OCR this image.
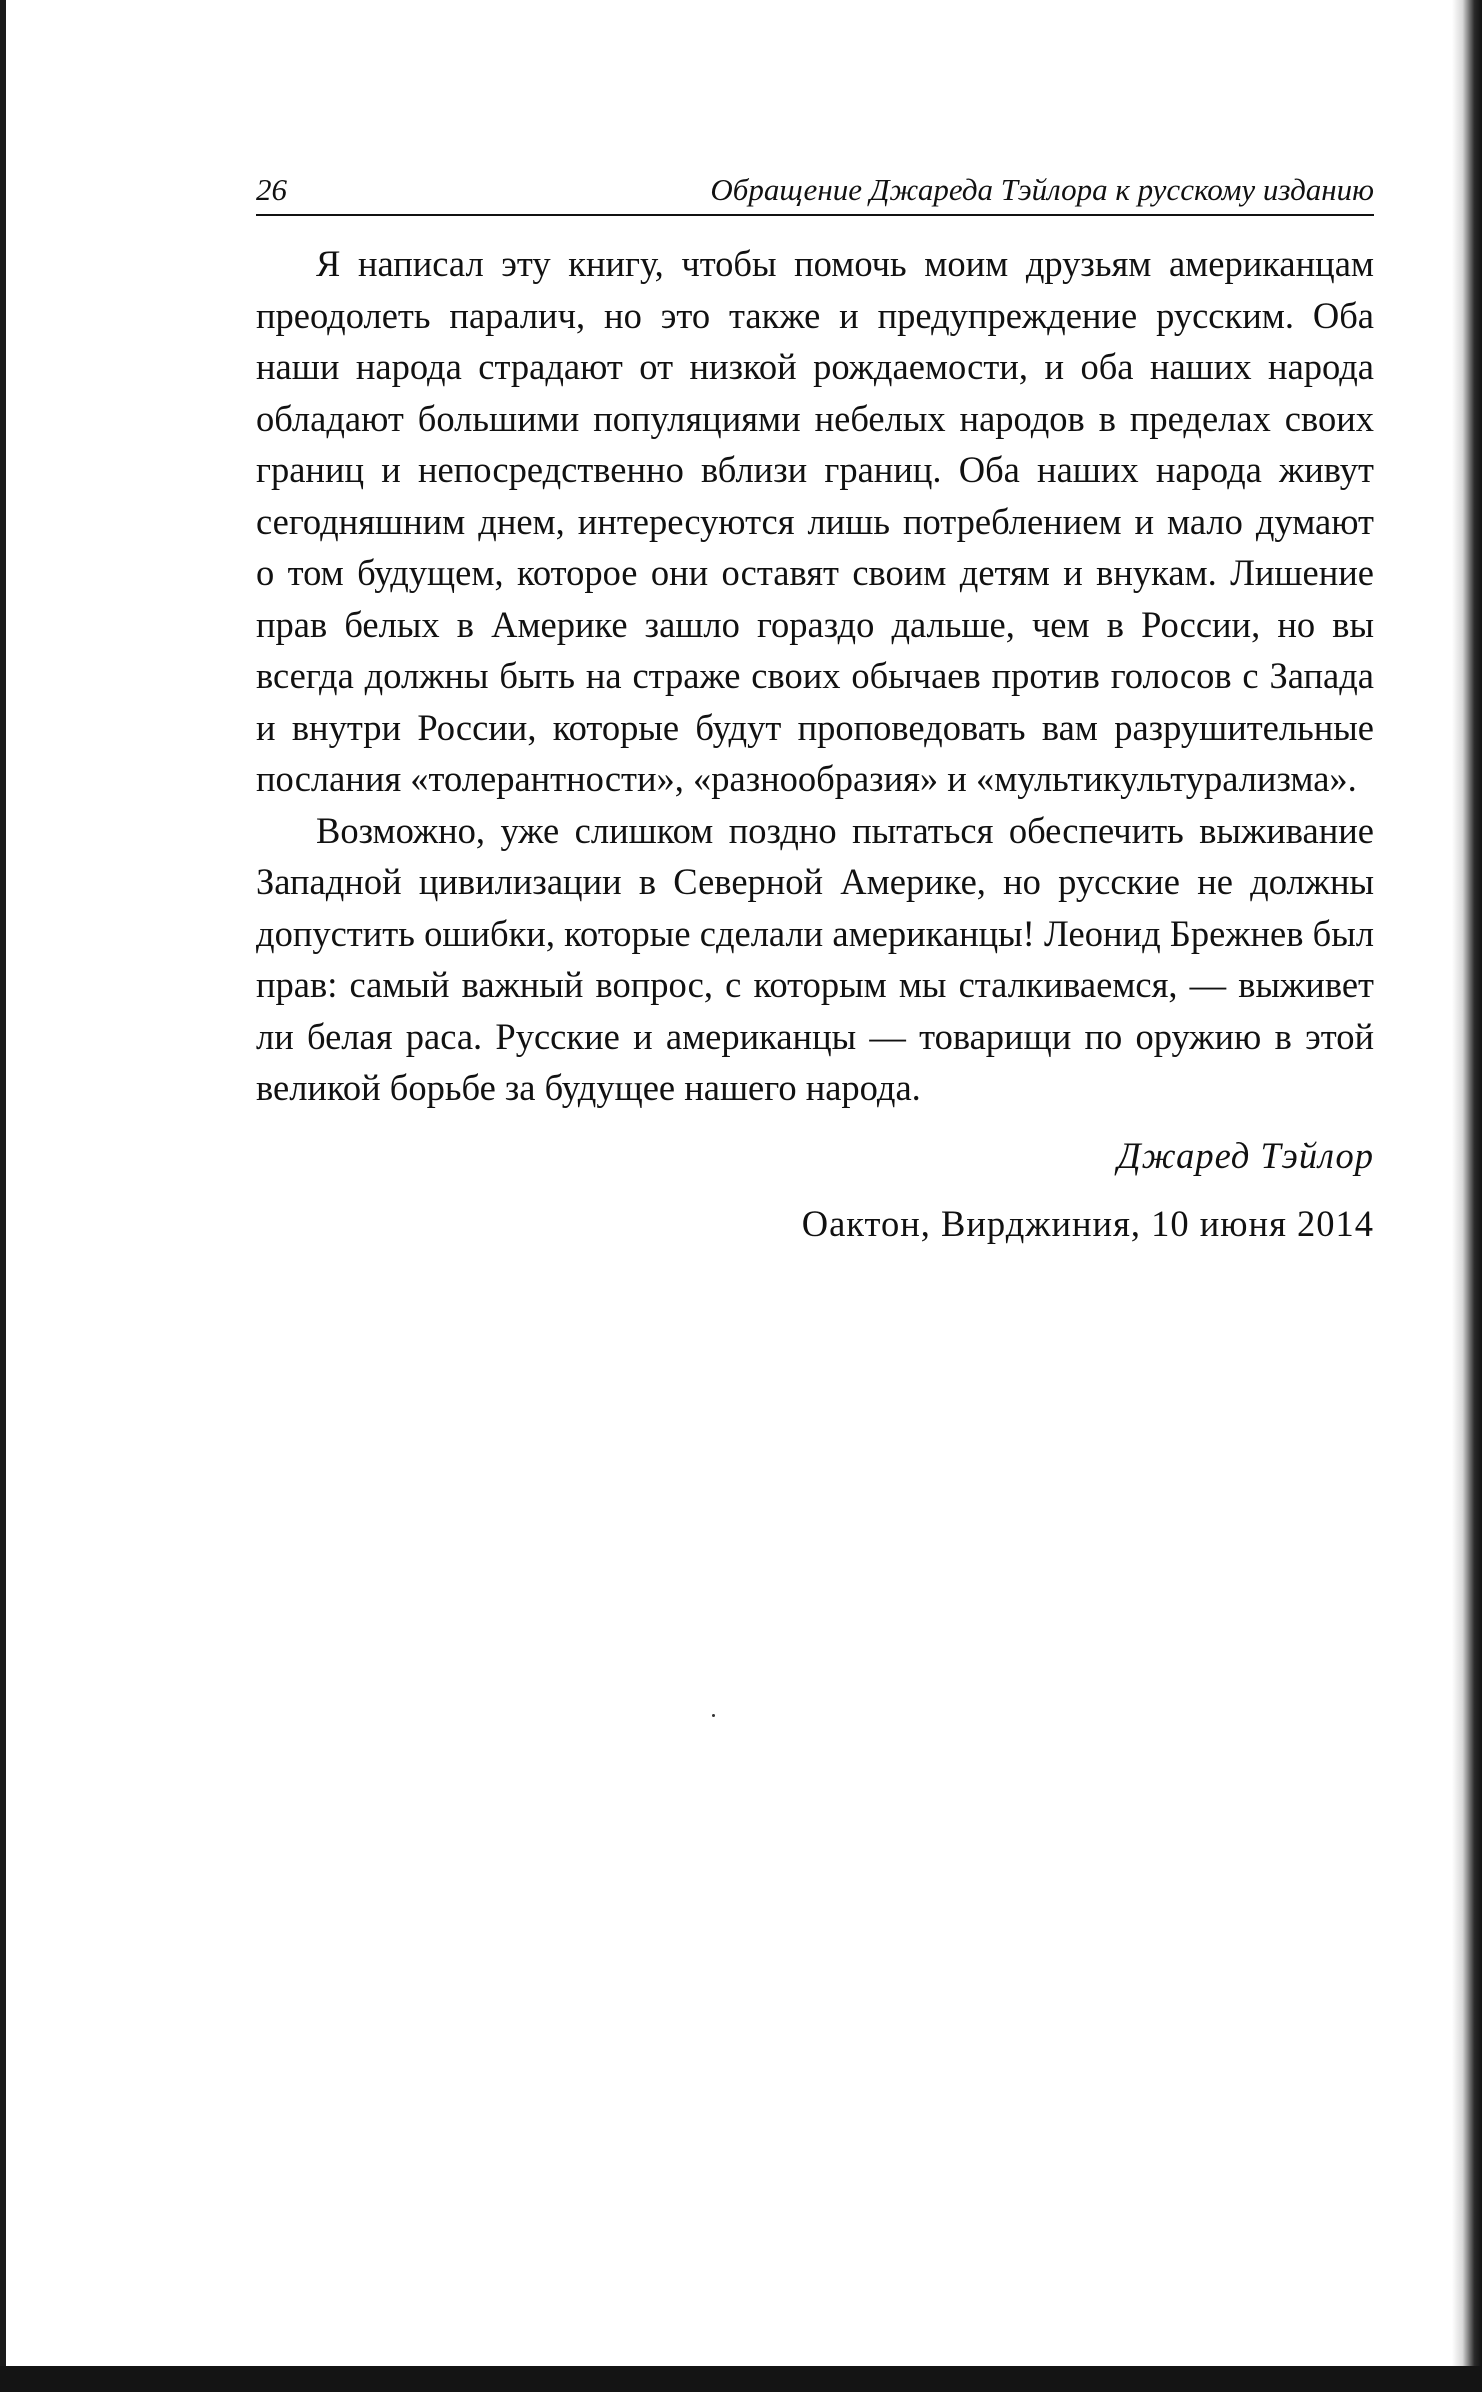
26	Обращение Джареда Тэйлора к русскому изданию

Я написал эту книгу, чтобы помочь моим друзьям американцам преодолеть паралич, но это также и предупреждение русским. Оба наши народа страдают от низкой рождаемости, и оба наших народа обладают большими популяциями небелых народов в пределах своих границ и непосредственно вблизи границ. Оба наших народа живут сегодняшним днем, интересуются лишь потреблением и мало думают о том будущем, которое они оставят своим детям и внукам. Лишение прав белых в Америке зашло гораздо дальше, чем в России, но вы всегда должны быть на страже своих обычаев против голосов с Запада и внутри России, которые будут проповедовать вам разрушительные послания «толерантности», «разнообразия» и «мультикультурализма».

Возможно, уже слишком поздно пытаться обеспечить выживание Западной цивилизации в Северной Америке, но русские не должны допустить ошибки, которые сделали американцы! Леонид Брежнев был прав: самый важный вопрос, с которым мы сталкиваемся, — выживет ли белая раса. Русские и американцы — товарищи по оружию в этой великой борьбе за будущее нашего народа.

Джаред Тэйлор
Оактон, Вирджиния, 10 июня 2014
